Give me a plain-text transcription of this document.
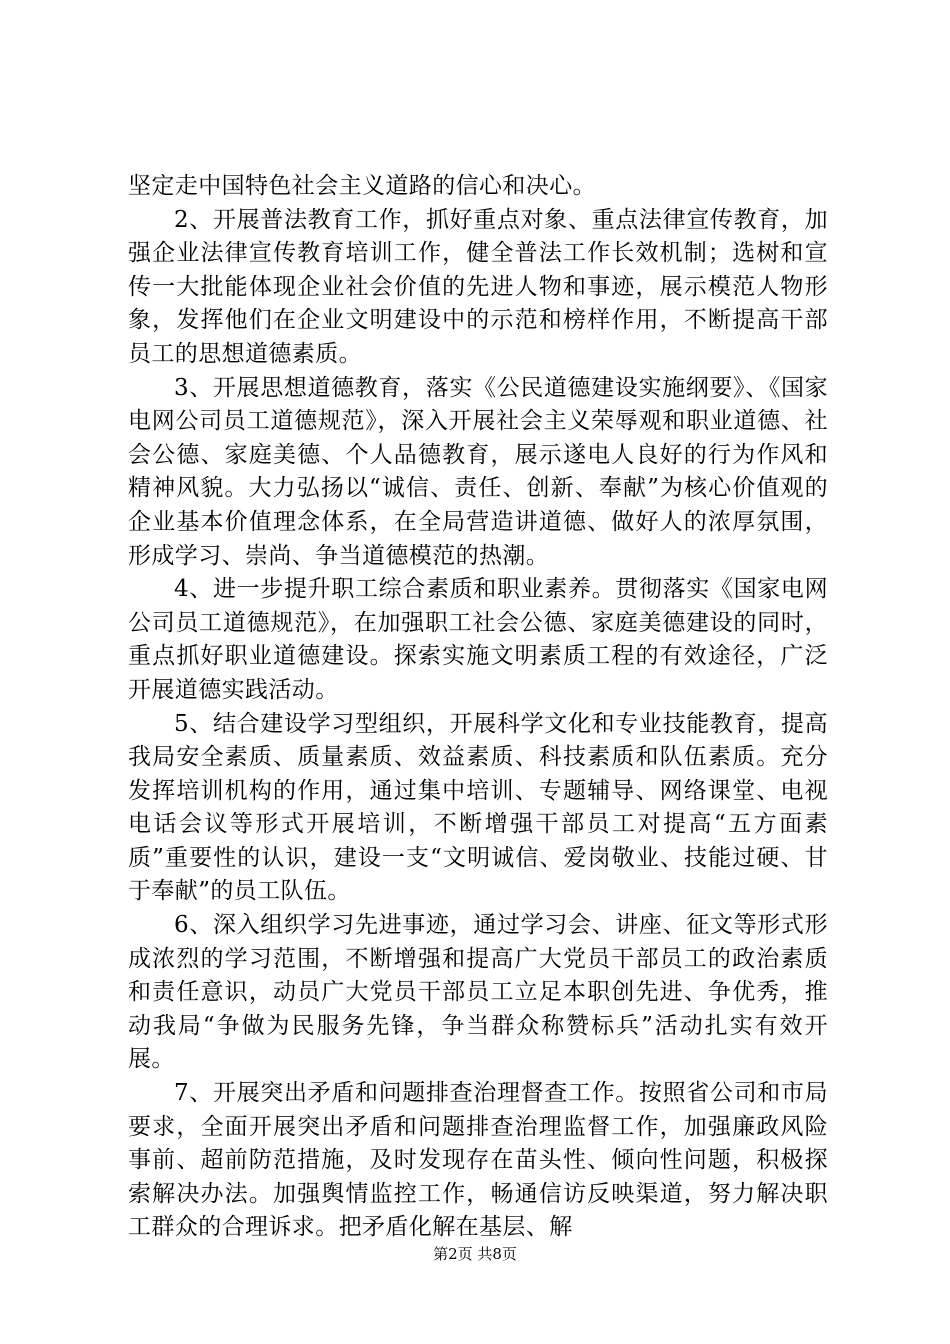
坚定走中国特色社会主义道路的信心和决心。

2、开展普法教育工作，抓好重点对象、重点法律宣传教育，加强企业法律宣传教育培训工作，健全普法工作长效机制；选树和宣传一大批能体现企业社会价值的先进人物和事迹，展示模范人物形象，发挥他们在企业文明建设中的示范和榜样作用，不断提高干部员工的思想道德素质。

3、开展思想道德教育，落实《公民道德建设实施纲要》、《国家电网公司员工道德规范》，深入开展社会主义荣辱观和职业道德、社会公德、家庭美德、个人品德教育，展示遂电人良好的行为作风和精神风貌。大力弘扬以“诚信、责任、创新、奉献”为核心价值观的企业基本价值理念体系，在全局营造讲道德、做好人的浓厚氛围，形成学习、崇尚、争当道德模范的热潮。

4、进一步提升职工综合素质和职业素养。贯彻落实《国家电网公司员工道德规范》，在加强职工社会公德、家庭美德建设的同时，重点抓好职业道德建设。探索实施文明素质工程的有效途径，广泛开展道德实践活动。

5、结合建设学习型组织，开展科学文化和专业技能教育，提高我局安全素质、质量素质、效益素质、科技素质和队伍素质。充分发挥培训机构的作用，通过集中培训、专题辅导、网络课堂、电视电话会议等形式开展培训，不断增强干部员工对提高“五方面素质”重要性的认识，建设一支“文明诚信、爱岗敬业、技能过硬、甘于奉献”的员工队伍。

6、深入组织学习先进事迹，通过学习会、讲座、征文等形式形成浓烈的学习范围，不断增强和提高广大党员干部员工的政治素质和责任意识，动员广大党员干部员工立足本职创先进、争优秀，推动我局“争做为民服务先锋，争当群众称赞标兵”活动扎实有效开展。

7、开展突出矛盾和问题排查治理督查工作。按照省公司和市局要求，全面开展突出矛盾和问题排查治理监督工作，加强廉政风险事前、超前防范措施，及时发现存在苗头性、倾向性问题，积极探索解决办法。加强舆情监控工作，畅通信访反映渠道，努力解决职工群众的合理诉求。把矛盾化解在基层、解

第2页 共8页
